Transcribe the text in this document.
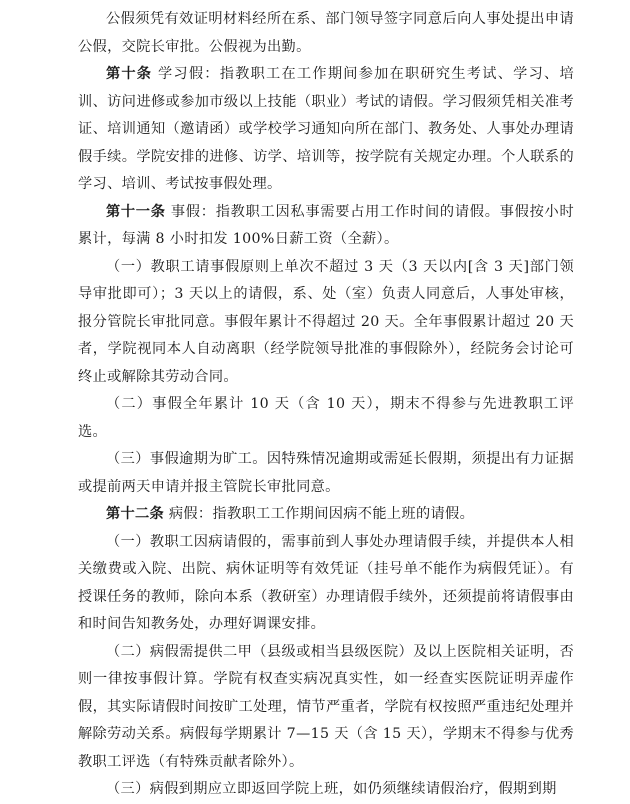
公假须凭有效证明材料经所在系、部门领导签字同意后向人事处提出申请公假，交院长审批。公假视为出勤。

第十条 学习假：指教职工在工作期间参加在职研究生考试、学习、培训、访问进修或参加市级以上技能（职业）考试的请假。学习假须凭相关准考证、培训通知（邀请函）或学校学习通知向所在部门、教务处、人事处办理请假手续。学院安排的进修、访学、培训等，按学院有关规定办理。个人联系的学习、培训、考试按事假处理。

第十一条 事假：指教职工因私事需要占用工作时间的请假。事假按小时累计，每满 8 小时扣发 100%日薪工资（全薪）。

（一）教职工请事假原则上单次不超过 3 天（3 天以内[含 3 天]部门领导审批即可）；3 天以上的请假，系、处（室）负责人同意后，人事处审核，报分管院长审批同意。事假年累计不得超过 20 天。全年事假累计超过 20 天者，学院视同本人自动离职（经学院领导批准的事假除外），经院务会讨论可终止或解除其劳动合同。

（二）事假全年累计 10 天（含 10 天），期末不得参与先进教职工评选。

（三）事假逾期为旷工。因特殊情况逾期或需延长假期，须提出有力证据或提前两天申请并报主管院长审批同意。

第十二条 病假：指教职工工作期间因病不能上班的请假。

（一）教职工因病请假的，需事前到人事处办理请假手续，并提供本人相关缴费或入院、出院、病休证明等有效凭证（挂号单不能作为病假凭证）。有授课任务的教师，除向本系（教研室）办理请假手续外，还须提前将请假事由和时间告知教务处，办理好调课安排。

（二）病假需提供二甲（县级或相当县级医院）及以上医院相关证明，否则一律按事假计算。学院有权查实病况真实性，如一经查实医院证明弄虚作假，其实际请假时间按旷工处理，情节严重者，学院有权按照严重违纪处理并解除劳动关系。病假每学期累计 7—15 天（含 15 天），学期末不得参与优秀教职工评选（有特殊贡献者除外）。

（三）病假到期应立即返回学院上班，如仍须继续请假治疗，假期到期
